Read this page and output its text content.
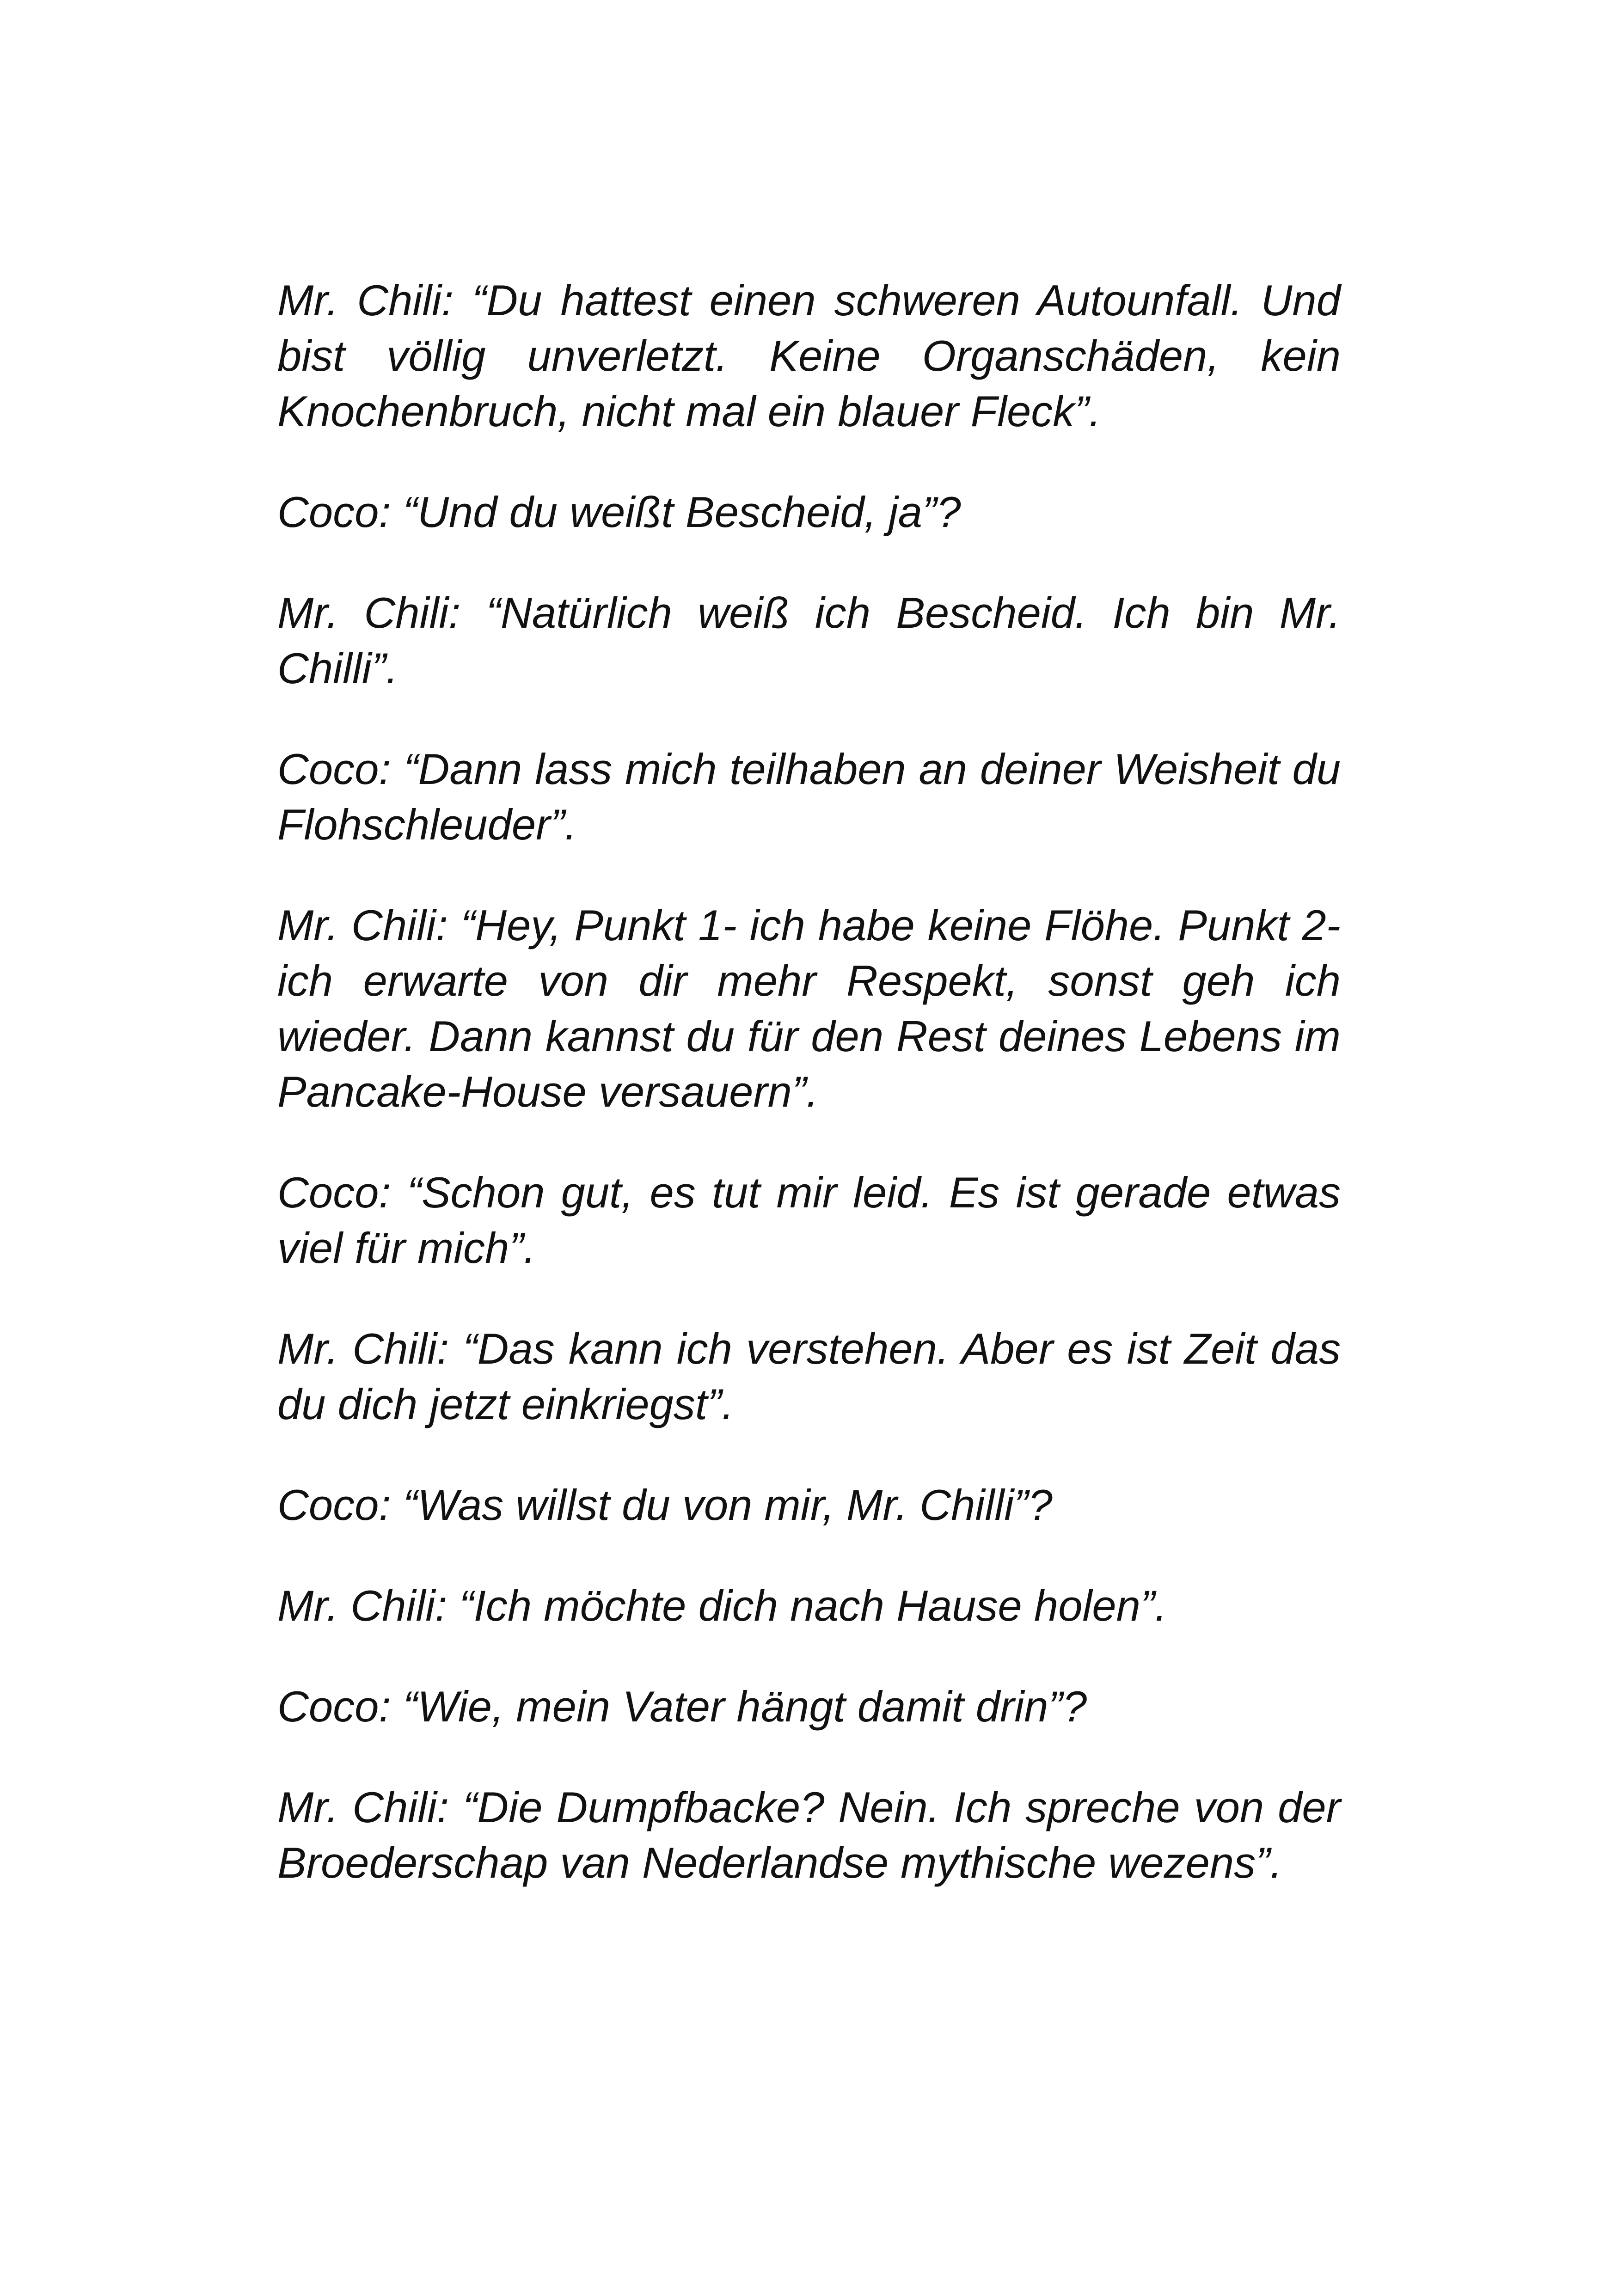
Mr. Chili: “Du hattest einen schweren Autounfall. Und bist völlig unverletzt. Keine Organschäden, kein Knochenbruch, nicht mal ein blauer Fleck”.

Coco: “Und du weißt Bescheid, ja”?

Mr. Chili: “Natürlich weiß ich Bescheid. Ich bin Mr. Chilli”.

Coco: “Dann lass mich teilhaben an deiner Weisheit du Flohschleuder”.

Mr. Chili: “Hey, Punkt 1- ich habe keine Flöhe. Punkt 2- ich erwarte von dir mehr Respekt, sonst geh ich wieder. Dann kannst du für den Rest deines Lebens im Pancake-House versauern”.

Coco: “Schon gut, es tut mir leid. Es ist gerade etwas viel für mich”.

Mr. Chili: “Das kann ich verstehen. Aber es ist Zeit das du dich jetzt einkriegst”.

Coco: “Was willst du von mir, Mr. Chilli”?

Mr. Chili: “Ich möchte dich nach Hause holen”.

Coco: “Wie, mein Vater hängt damit drin”?

Mr. Chili: “Die Dumpfbacke? Nein. Ich spreche von der Broederschap van Nederlandse mythische wezens”.
